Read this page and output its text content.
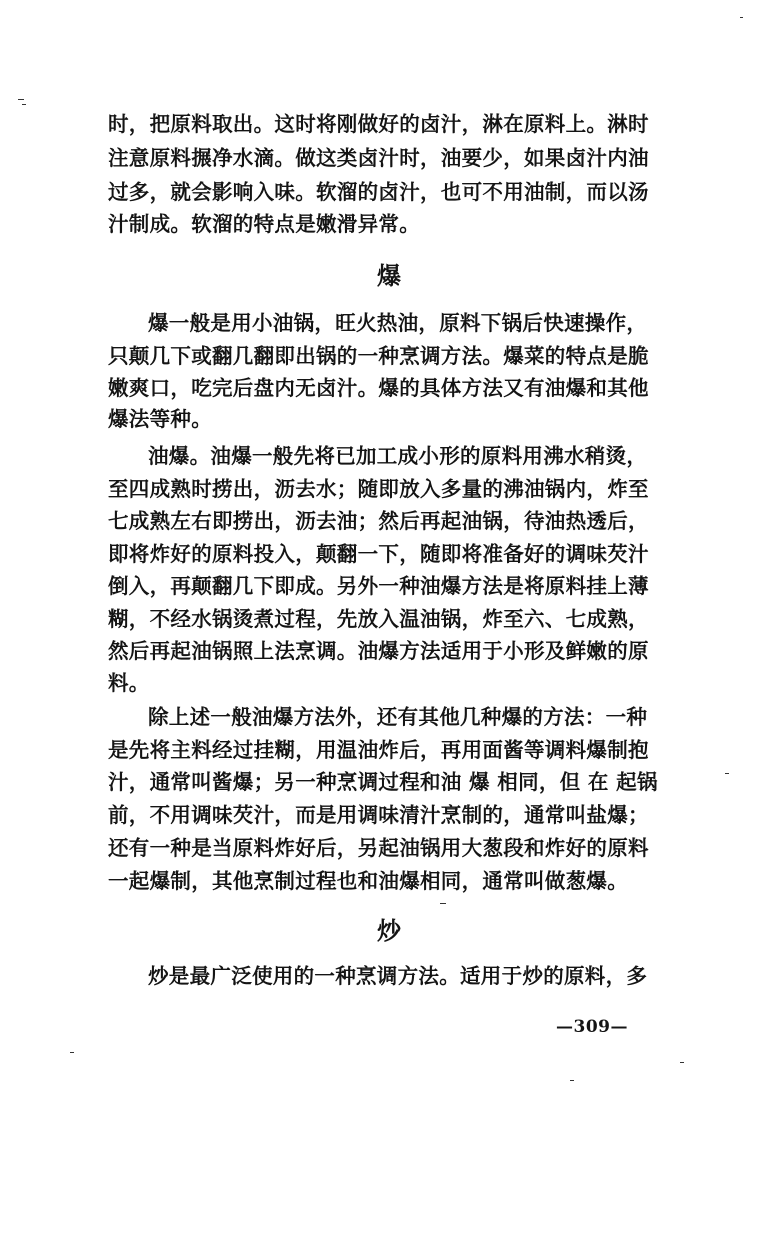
时，把原料取出。这时将刚做好的卤汁，淋在原料上。淋时
注意原料搌净水滴。做这类卤汁时，油要少，如果卤汁内油
过多，就会影响入味。软溜的卤汁，也可不用油制，而以汤
汁制成。软溜的特点是嫩滑异常。
爆
爆一般是用小油锅，旺火热油，原料下锅后快速操作，
只颠几下或翻几翻即出锅的一种烹调方法。爆菜的特点是脆
嫩爽口，吃完后盘内无卤汁。爆的具体方法又有油爆和其他
爆法等种。
油爆。油爆一般先将已加工成小形的原料用沸水稍烫，
至四成熟时捞出，沥去水；随即放入多量的沸油锅内，炸至
七成熟左右即捞出，沥去油；然后再起油锅，待油热透后，
即将炸好的原料投入，颠翻一下，随即将准备好的调味芡汁
倒入，再颠翻几下即成。另外一种油爆方法是将原料挂上薄
糊，不经水锅烫煮过程，先放入温油锅，炸至六、七成熟，
然后再起油锅照上法烹调。油爆方法适用于小形及鲜嫩的原
料。
除上述一般油爆方法外，还有其他几种爆的方法：一种
是先将主料经过挂糊，用温油炸后，再用面酱等调料爆制抱
汁，通常叫酱爆；另一种烹调过程和油 爆 相同，但 在 起锅
前，不用调味芡汁，而是用调味清汁烹制的，通常叫盐爆；
还有一种是当原料炸好后，另起油锅用大葱段和炸好的原料
一起爆制，其他烹制过程也和油爆相同，通常叫做葱爆。
炒
炒是最广泛使用的一种烹调方法。适用于炒的原料，多
—309—
